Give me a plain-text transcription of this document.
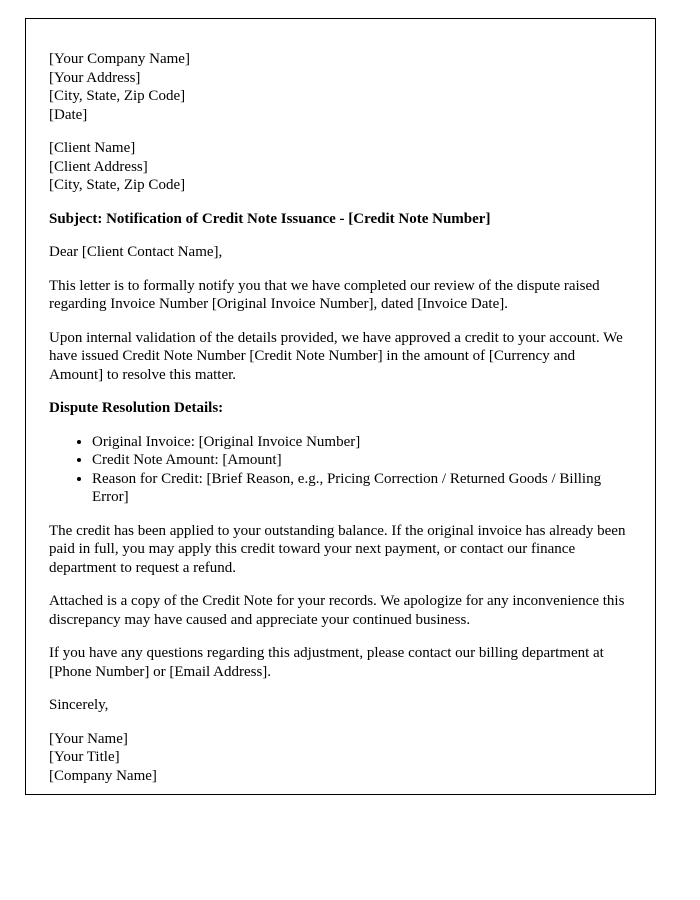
[Your Company Name]
[Your Address]
[City, State, Zip Code]
[Date]
[Client Name]
[Client Address]
[City, State, Zip Code]
Subject: Notification of Credit Note Issuance - [Credit Note Number]
Dear [Client Contact Name],
This letter is to formally notify you that we have completed our review of the dispute raised regarding Invoice Number [Original Invoice Number], dated [Invoice Date].
Upon internal validation of the details provided, we have approved a credit to your account. We have issued Credit Note Number [Credit Note Number] in the amount of [Currency and Amount] to resolve this matter.
Dispute Resolution Details:
• Original Invoice: [Original Invoice Number]
• Credit Note Amount: [Amount]
• Reason for Credit: [Brief Reason, e.g., Pricing Correction / Returned Goods / Billing Error]
The credit has been applied to your outstanding balance. If the original invoice has already been paid in full, you may apply this credit toward your next payment, or contact our finance department to request a refund.
Attached is a copy of the Credit Note for your records. We apologize for any inconvenience this discrepancy may have caused and appreciate your continued business.
If you have any questions regarding this adjustment, please contact our billing department at [Phone Number] or [Email Address].
Sincerely,
[Your Name]
[Your Title]
[Company Name]
